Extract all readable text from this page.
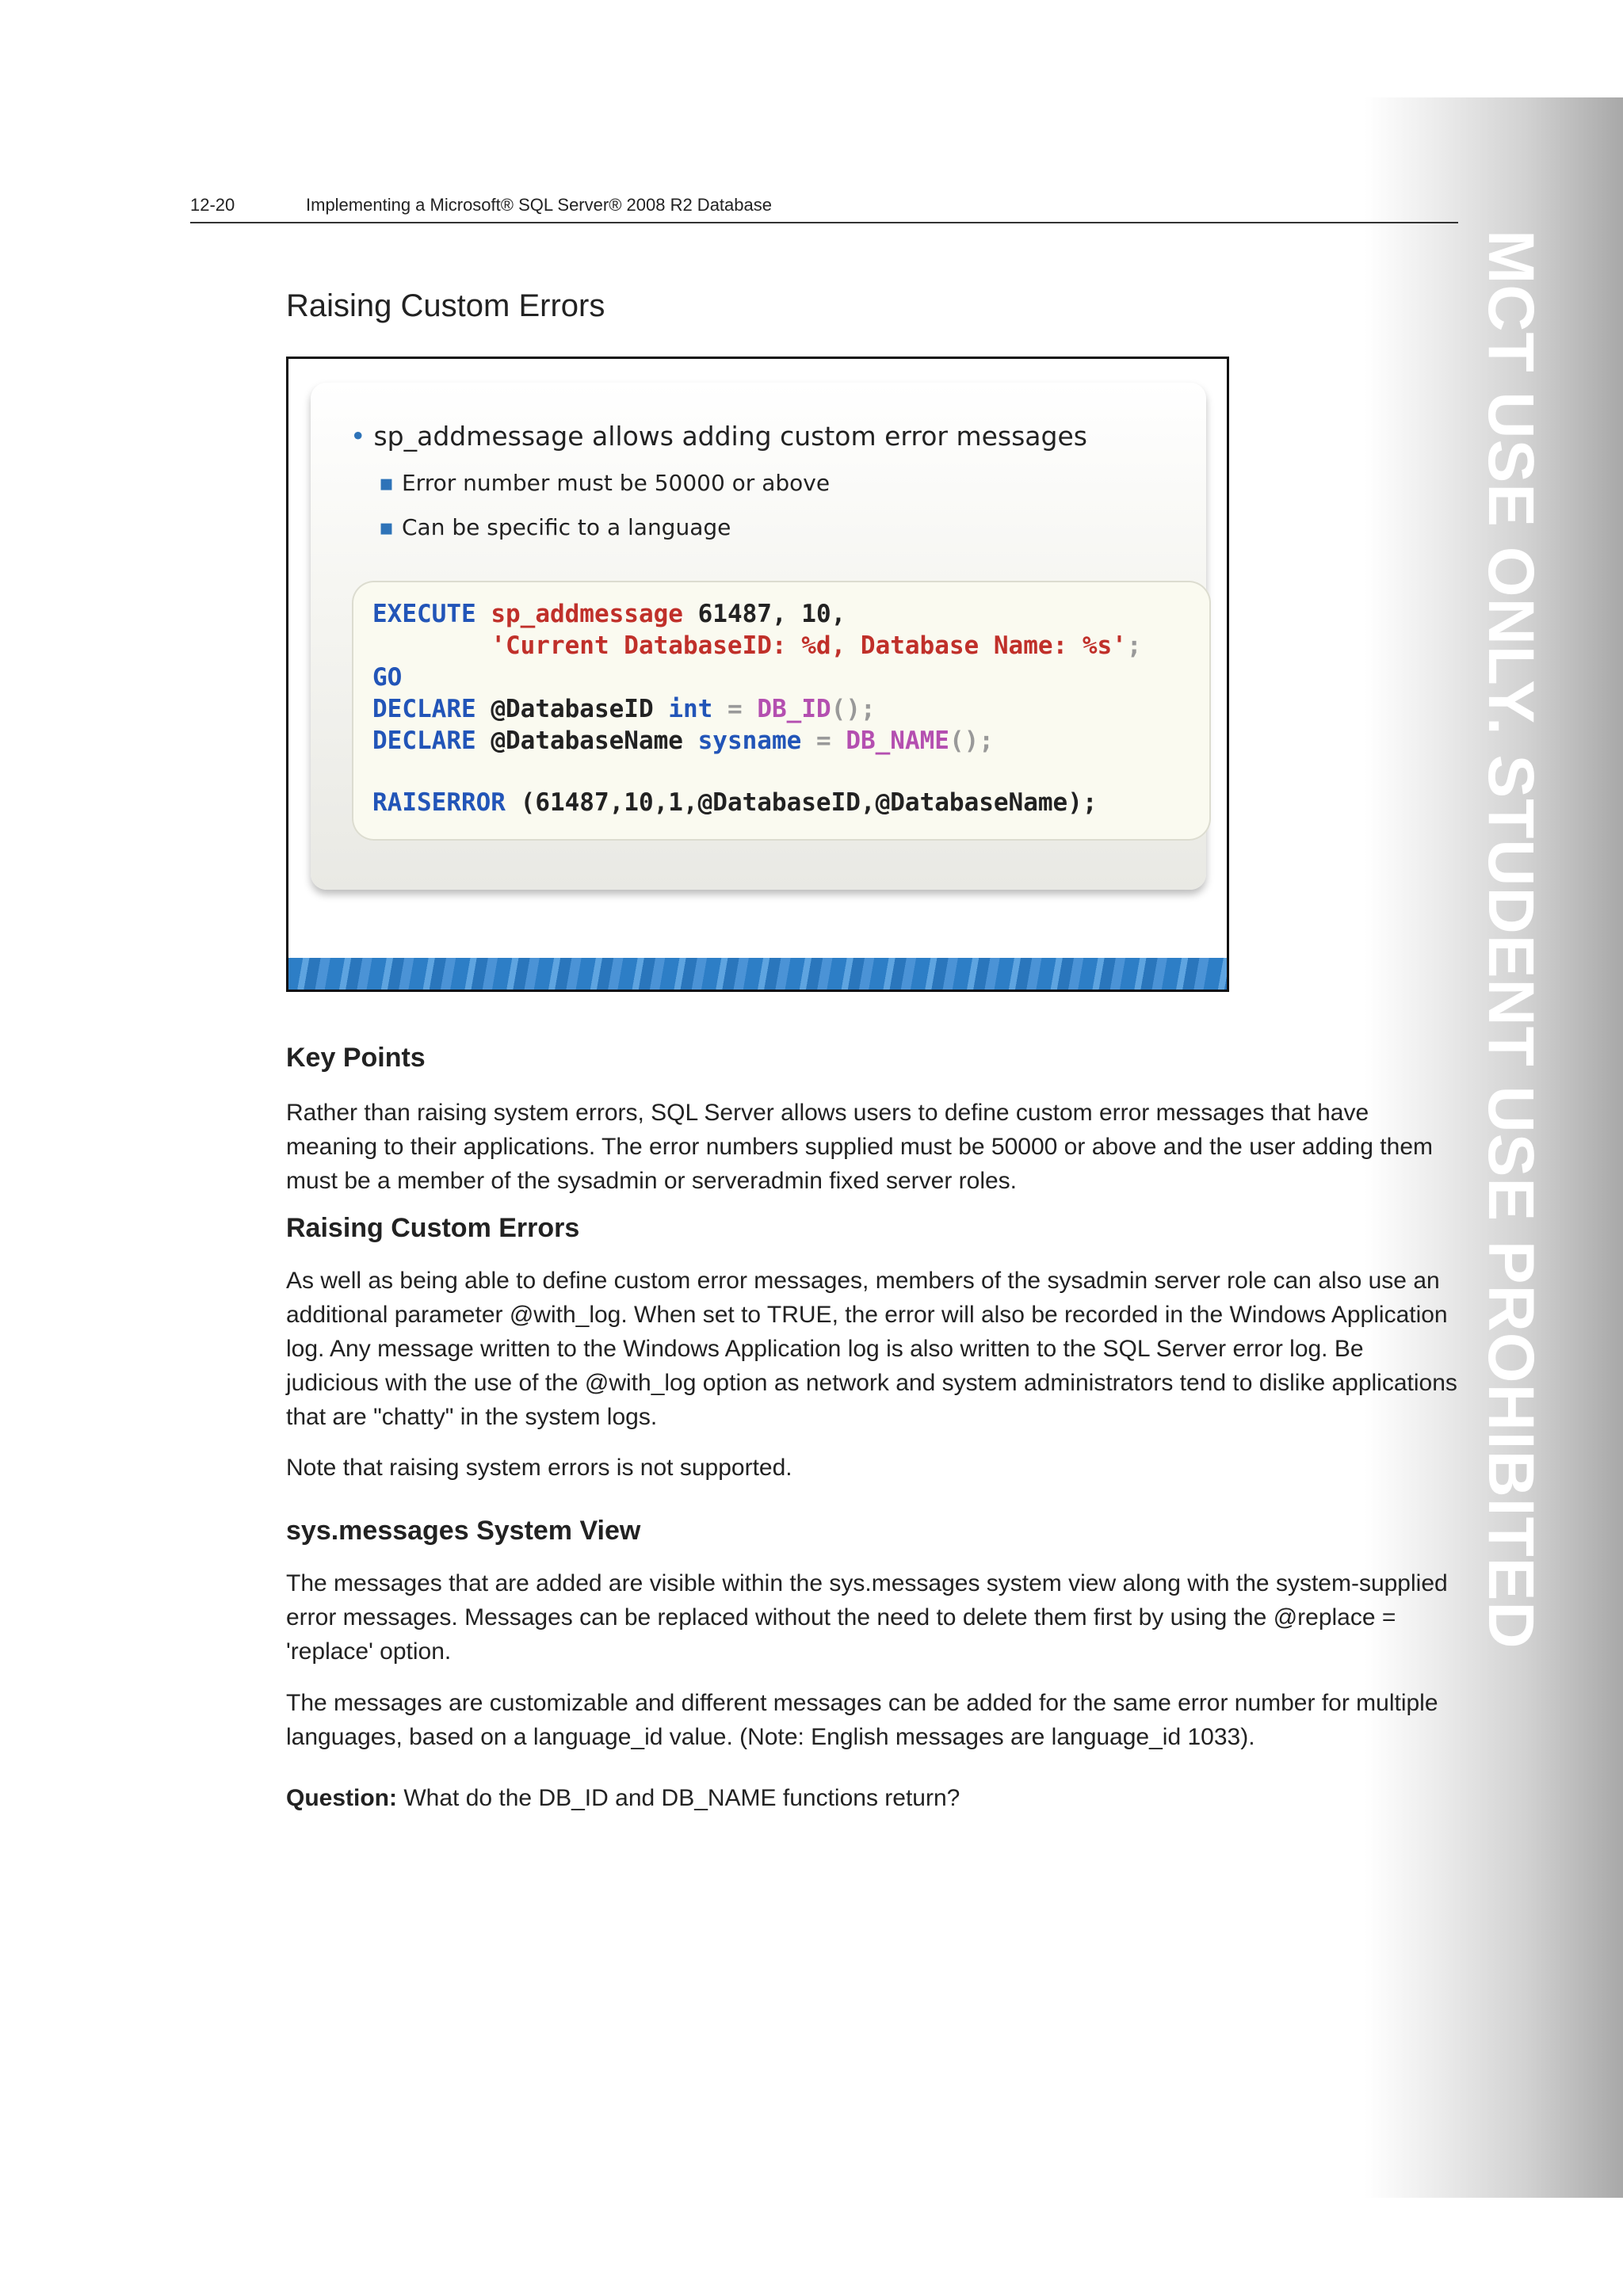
MCT USE ONLY. STUDENT USE PROHIBITED
12-20	Implementing a Microsoft® SQL Server® 2008 R2 Database
Raising Custom Errors
• sp_addmessage allows adding custom error messages
▪ Error number must be 50000 or above
▪ Can be specific to a language
EXECUTE sp_addmessage 61487, 10,
'Current DatabaseID: %d, Database Name: %s';
GO
DECLARE @DatabaseID int = DB_ID();
DECLARE @DatabaseName sysname = DB_NAME();
RAISERROR (61487,10,1,@DatabaseID,@DatabaseName);
Key Points

Rather than raising system errors, SQL Server allows users to define custom error messages that have meaning to their applications. The error numbers supplied must be 50000 or above and the user adding them must be a member of the sysadmin or serveradmin fixed server roles.

Raising Custom Errors

As well as being able to define custom error messages, members of the sysadmin server role can also use an additional parameter @with_log. When set to TRUE, the error will also be recorded in the Windows Application log. Any message written to the Windows Application log is also written to the SQL Server error log. Be judicious with the use of the @with_log option as network and system administrators tend to dislike applications that are "chatty" in the system logs.

Note that raising system errors is not supported.

sys.messages System View

The messages that are added are visible within the sys.messages system view along with the system-supplied error messages. Messages can be replaced without the need to delete them first by using the @replace = 'replace' option.

The messages are customizable and different messages can be added for the same error number for multiple languages, based on a language_id value. (Note: English messages are language_id 1033).

Question: What do the DB_ID and DB_NAME functions return?
